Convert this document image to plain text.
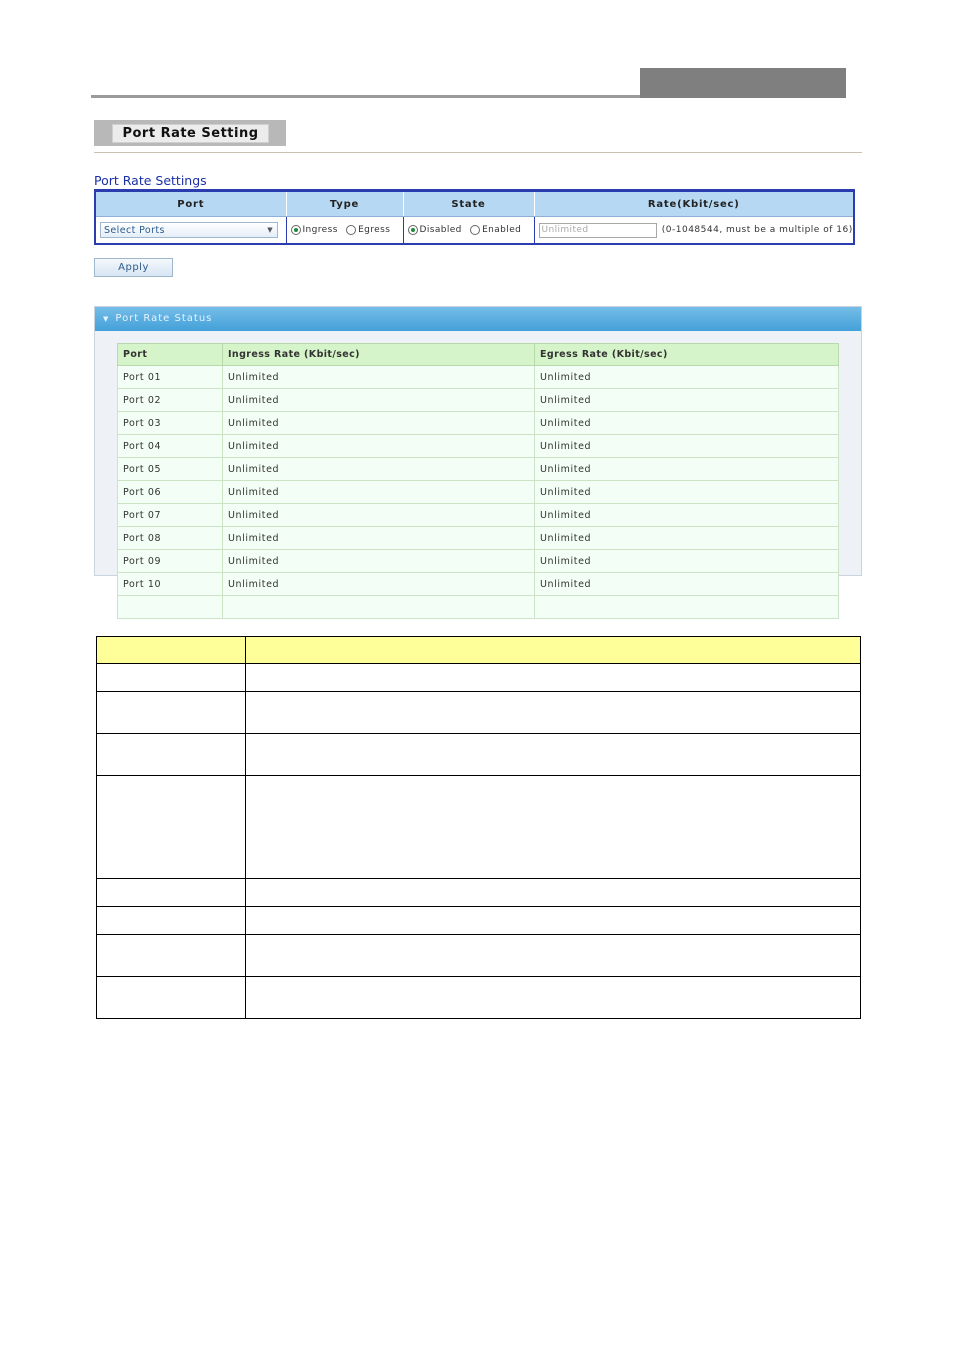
Port Rate Setting
Port Rate Settings
Port	Type	State	Rate(Kbit/sec)
Select Ports ▼	Ingress Egress	Disabled Enabled	Unlimited (0-1048544, must be a multiple of 16)
Apply
▼ Port Rate Status
Port	Ingress Rate (Kbit/sec)	Egress Rate (Kbit/sec)
Port 01	Unlimited	Unlimited
Port 02	Unlimited	Unlimited
Port 03	Unlimited	Unlimited
Port 04	Unlimited	Unlimited
Port 05	Unlimited	Unlimited
Port 06	Unlimited	Unlimited
Port 07	Unlimited	Unlimited
Port 08	Unlimited	Unlimited
Port 09	Unlimited	Unlimited
Port 10	Unlimited	Unlimited
